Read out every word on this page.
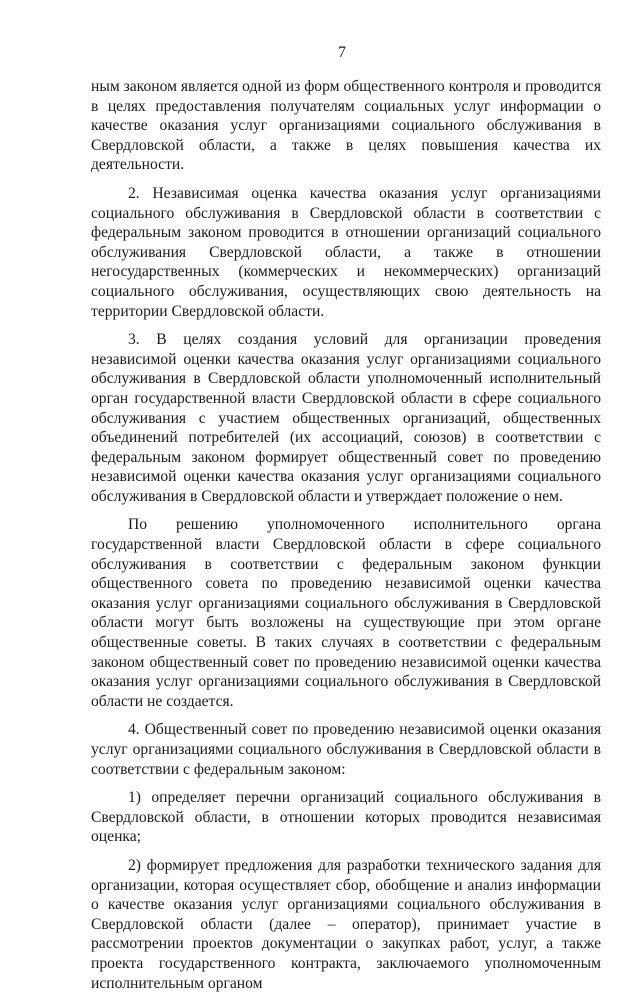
7

ным законом является одной из форм общественного контроля и проводится в целях предоставления получателям социальных услуг информации о качестве оказания услуг организациями социального обслуживания в Свердловской области, а также в целях повышения качества их деятельности.

2. Независимая оценка качества оказания услуг организациями социального обслуживания в Свердловской области в соответствии с федеральным законом проводится в отношении организаций социального обслуживания Свердловской области, а также в отношении негосударственных (коммерческих и некоммерческих) организаций социального обслуживания, осуществляющих свою деятельность на территории Свердловской области.

3. В целях создания условий для организации проведения независимой оценки качества оказания услуг организациями социального обслуживания в Свердловской области уполномоченный исполнительный орган государственной власти Свердловской области в сфере социального обслуживания с участием общественных организаций, общественных объединений потребителей (их ассоциаций, союзов) в соответствии с федеральным законом формирует общественный совет по проведению независимой оценки качества оказания услуг организациями социального обслуживания в Свердловской области и утверждает положение о нем.

По решению уполномоченного исполнительного органа государственной власти Свердловской области в сфере социального обслуживания в соответствии с федеральным законом функции общественного совета по проведению независимой оценки качества оказания услуг организациями социального обслуживания в Свердловской области могут быть возложены на существующие при этом органе общественные советы. В таких случаях в соответствии с федеральным законом общественный совет по проведению независимой оценки качества оказания услуг организациями социального обслуживания в Свердловской области не создается.

4. Общественный совет по проведению независимой оценки оказания услуг организациями социального обслуживания в Свердловской области в соответствии с федеральным законом:

1) определяет перечни организаций социального обслуживания в Свердловской области, в отношении которых проводится независимая оценка;

2) формирует предложения для разработки технического задания для организации, которая осуществляет сбор, обобщение и анализ информации о качестве оказания услуг организациями социального обслуживания в Свердловской области (далее – оператор), принимает участие в рассмотрении проектов документации о закупках работ, услуг, а также проекта государственного контракта, заключаемого уполномоченным исполнительным органом
